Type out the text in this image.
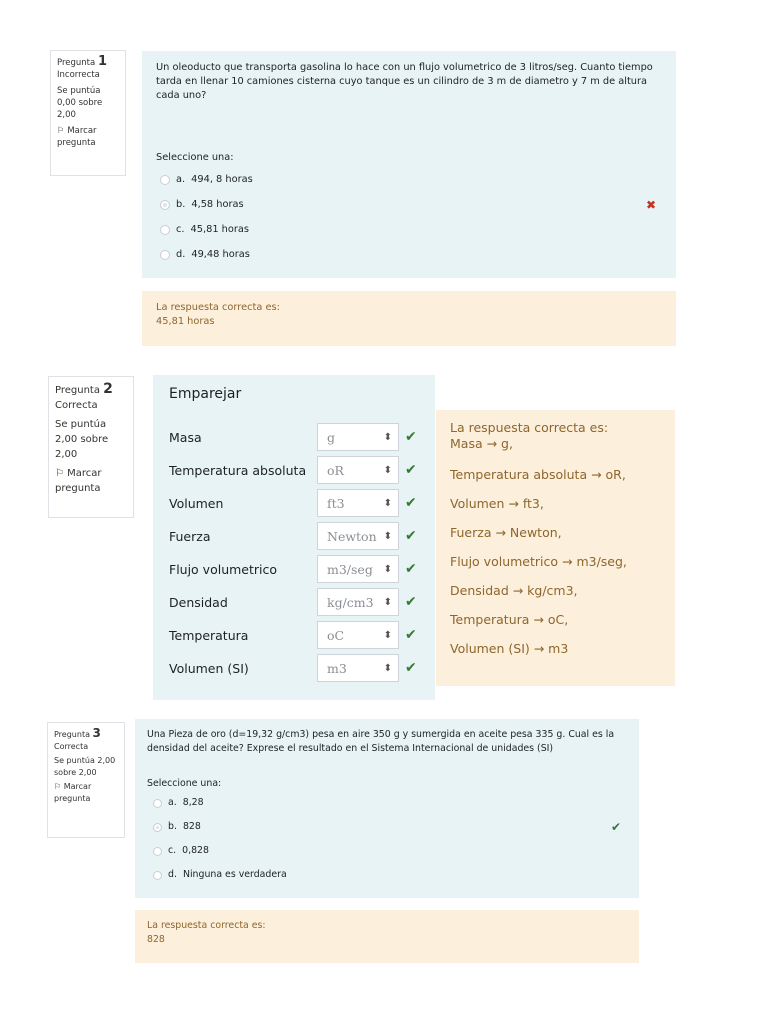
Pregunta 1
Incorrecta
Se puntúa 0,00 sobre 2,00
⚐ Marcar pregunta
Un oleoducto que transporta gasolina lo hace con un flujo volumetrico de 3 litros/seg. Cuanto tiempo tarda en llenar 10 camiones cisterna cuyo tanque es un cilindro de 3 m de diametro y 7 m de altura cada uno?
Seleccione una:
a. 494, 8 horas
b. 4,58 horas	✖
c. 45,81 horas
d. 49,48 horas
La respuesta correcta es:
45,81 horas
Pregunta 2
Correcta
Se puntúa 2,00 sobre 2,00
⚐ Marcar pregunta
Emparejar
Masa	g	⬍ ✔
Temperatura absoluta	oR	⬍ ✔
Volumen	ft3	⬍ ✔
Fuerza	Newton ⬍ ✔
Flujo volumetrico	m3/seg ⬍ ✔
Densidad	kg/cm3 ⬍ ✔
Temperatura	oC	⬍ ✔
Volumen (SI)	m3	⬍ ✔
La respuesta correcta es:
Masa → g,
Temperatura absoluta → oR,
Volumen → ft3,
Fuerza → Newton,
Flujo volumetrico → m3/seg,
Densidad → kg/cm3,
Temperatura → oC,
Volumen (SI) → m3
Pregunta 3
Correcta
Se puntúa 2,00 sobre 2,00
⚐ Marcar pregunta
Una Pieza de oro (d=19,32 g/cm3) pesa en aire 350 g y sumergida en aceite pesa 335 g. Cual es la densidad del aceite? Exprese el resultado en el Sistema Internacional de unidades (SI)
Seleccione una:
a. 8,28
b. 828	✔
c. 0,828
d. Ninguna es verdadera
La respuesta correcta es:
828
